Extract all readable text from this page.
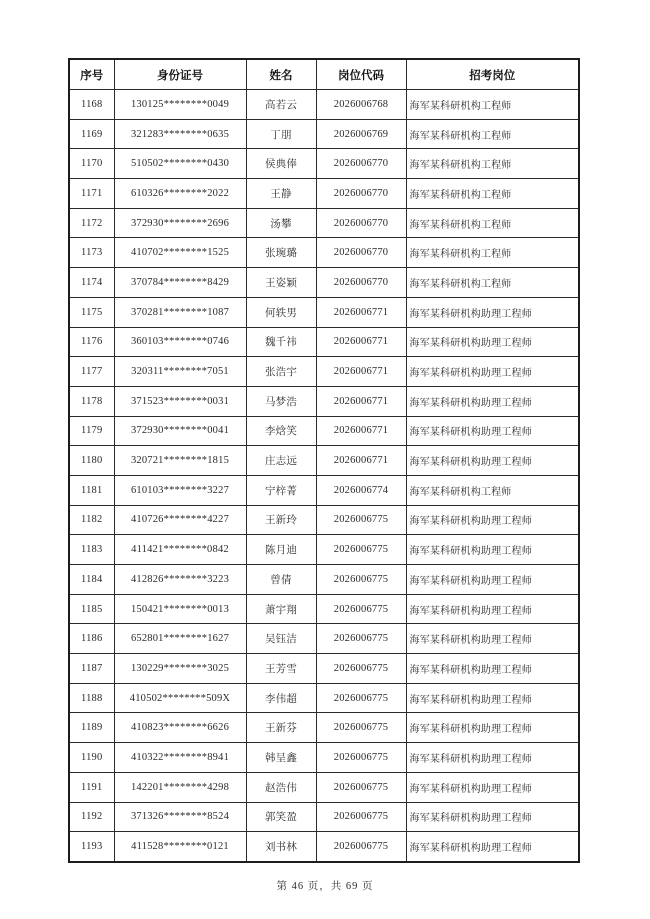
序号	身份证号	姓名	岗位代码	招考岗位
1168	130125********0049	高若云	2026006768	海军某科研机构工程师
1169	321283********0635	丁朋	2026006769	海军某科研机构工程师
1170	510502********0430	侯典俸	2026006770	海军某科研机构工程师
1171	610326********2022	王静	2026006770	海军某科研机构工程师
1172	372930********2696	汤攀	2026006770	海军某科研机构工程师
1173	410702********1525	张琬璐	2026006770	海军某科研机构工程师
1174	370784********8429	王姿颖	2026006770	海军某科研机构工程师
1175	370281********1087	何轶男	2026006771	海军某科研机构助理工程师
1176	360103********0746	魏千祎	2026006771	海军某科研机构助理工程师
1177	320311********7051	张浩宇	2026006771	海军某科研机构助理工程师
1178	371523********0031	马梦浩	2026006771	海军某科研机构助理工程师
1179	372930********0041	李焓笑	2026006771	海军某科研机构助理工程师
1180	320721********1815	庄志远	2026006771	海军某科研机构助理工程师
1181	610103********3227	宁梓菁	2026006774	海军某科研机构工程师
1182	410726********4227	王新玲	2026006775	海军某科研机构助理工程师
1183	411421********0842	陈月迪	2026006775	海军某科研机构助理工程师
1184	412826********3223	曾倩	2026006775	海军某科研机构助理工程师
1185	150421********0013	萧宇翔	2026006775	海军某科研机构助理工程师
1186	652801********1627	吴钰洁	2026006775	海军某科研机构助理工程师
1187	130229********3025	王芳雪	2026006775	海军某科研机构助理工程师
1188	410502********509X	李伟超	2026006775	海军某科研机构助理工程师
1189	410823********6626	王新芬	2026006775	海军某科研机构助理工程师
1190	410322********8941	韩呈鑫	2026006775	海军某科研机构助理工程师
1191	142201********4298	赵浩伟	2026006775	海军某科研机构助理工程师
1192	371326********8524	郭笑盈	2026006775	海军某科研机构助理工程师
1193	411528********0121	刘书林	2026006775	海军某科研机构助理工程师
第 46 页，共 69 页
